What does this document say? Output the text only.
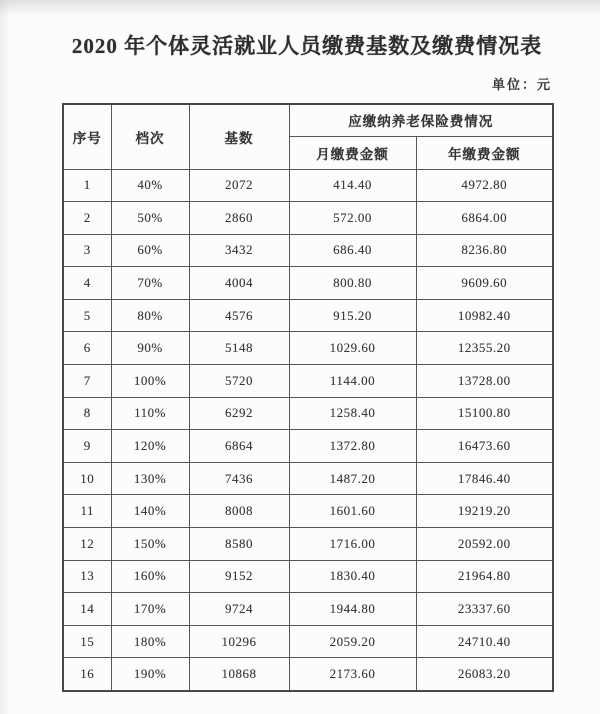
2020 年个体灵活就业人员缴费基数及缴费情况表
单位：元
序号	档次	基数	应缴纳养老保险费情况	
			月缴费金额	年缴费金额
1	40%	2072	414.40	4972.80
2	50%	2860	572.00	6864.00
3	60%	3432	686.40	8236.80
4	70%	4004	800.80	9609.60
5	80%	4576	915.20	10982.40
6	90%	5148	1029.60	12355.20
7	100%	5720	1144.00	13728.00
8	110%	6292	1258.40	15100.80
9	120%	6864	1372.80	16473.60
10	130%	7436	1487.20	17846.40
11	140%	8008	1601.60	19219.20
12	150%	8580	1716.00	20592.00
13	160%	9152	1830.40	21964.80
14	170%	9724	1944.80	23337.60
15	180%	10296	2059.20	24710.40
16	190%	10868	2173.60	26083.20
